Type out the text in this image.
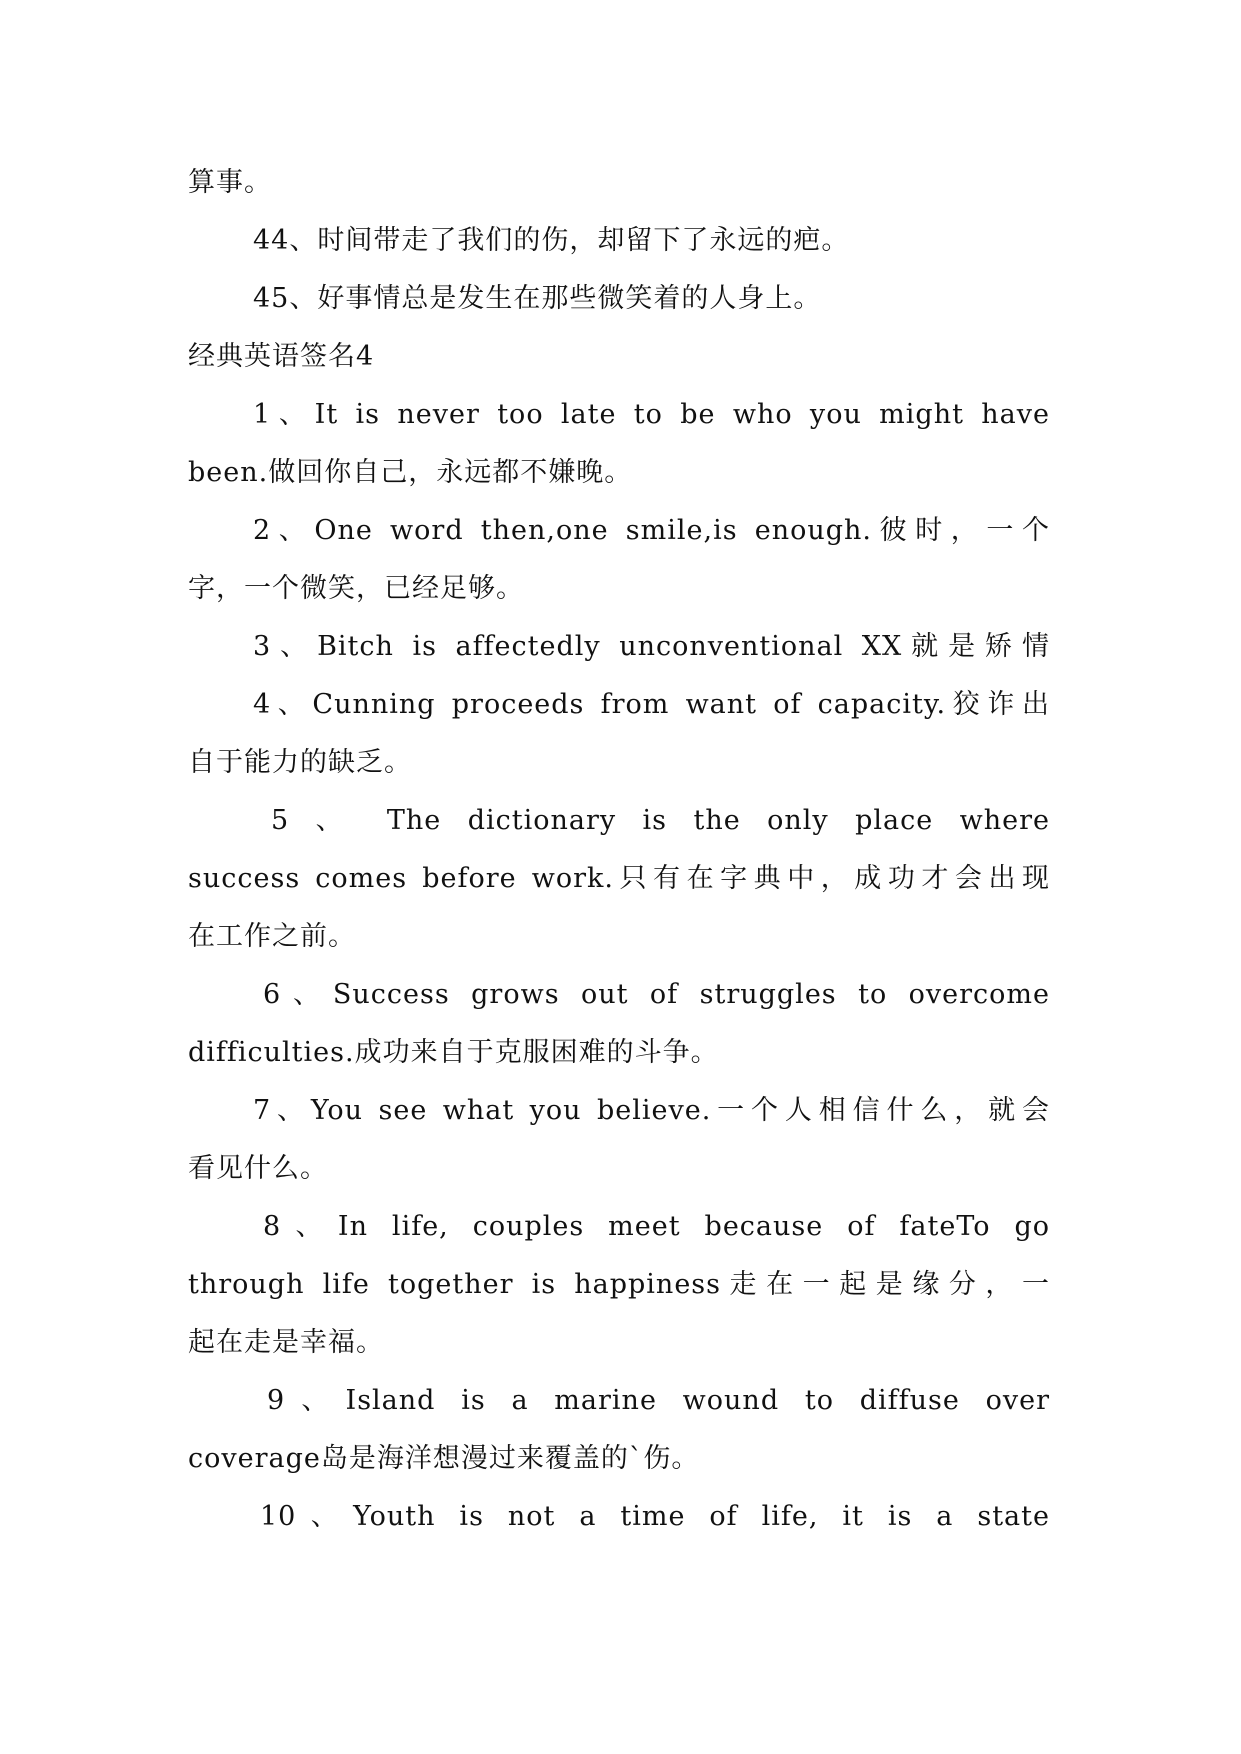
算事。
44、时间带走了我们的伤，却留下了永远的疤。
45、好事情总是发生在那些微笑着的人身上。
经典英语签名4
1、It is never too late to be who you might have
been.做回你自己，永远都不嫌晚。
2、One word then,one smile,is enough.彼时，一个
字，一个微笑，已经足够。
3、Bitch is affectedly unconventional XX就是矫情
4、Cunning proceeds from want of capacity.狡诈出
自于能力的缺乏。
5 、 The dictionary is the only place where
success comes before work.只有在字典中，成功才会出现
在工作之前。
6、Success grows out of struggles to overcome
difficulties.成功来自于克服困难的斗争。
7、You see what you believe.一个人相信什么，就会
看见什么。
8、In life, couples meet because of fateTo go
through life together is happiness走在一起是缘分，一
起在走是幸福。
9、Island is a marine wound to diffuse over
coverage岛是海洋想漫过来覆盖的`伤。
10、Youth is not a time of life, it is a state
